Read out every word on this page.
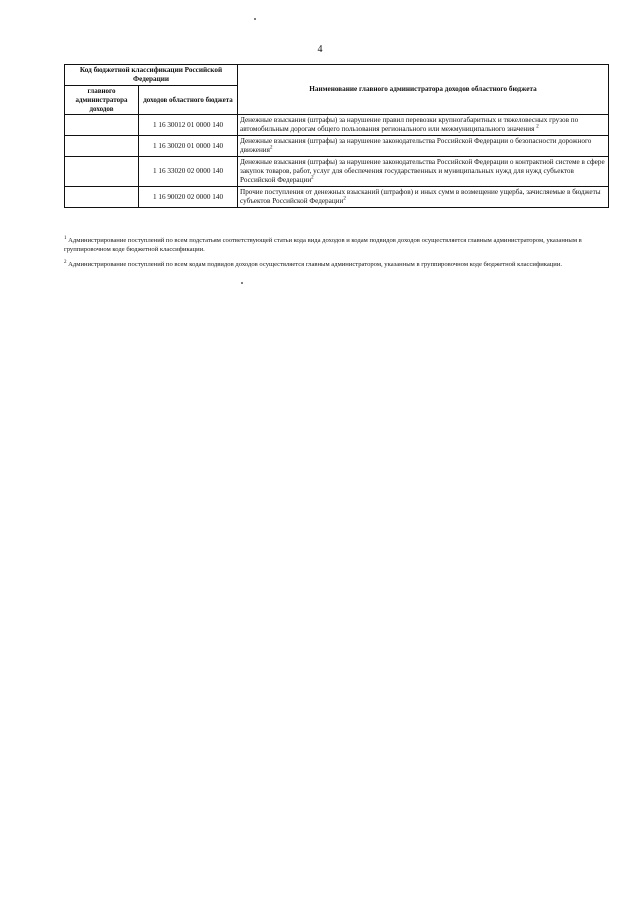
4
Код бюджетной классификации Российской Федерации		Наименование главного администратора доходов областного бюджета
главного администратора доходов	доходов областного бюджета	
	1 16 30012 01 0000 140	Денежные взыскания (штрафы) за нарушение правил перевозки крупногабаритных и тяжеловесных грузов по автомобильным дорогам общего пользования регионального или межмуниципального значения $^2$
	1 16 30020 01 0000 140	Денежные взыскания (штрафы) за нарушение законодательства Российской Федерации о безопасности дорожного движения$^2$
	1 16 33020 02 0000 140	Денежные взыскания (штрафы) за нарушение законодательства Российской Федерации о контрактной системе в сфере закупок товаров, работ, услуг для обеспечения государственных и муниципальных нужд для нужд субъектов Российской Федерации$^2$
	1 16 90020 02 0000 140	Прочие поступления от денежных взысканий (штрафов) и иных сумм в возмещение ущерба, зачисляемые в бюджеты субъектов Российской Федерации$^2$

$^1$ Администрирование поступлений по всем подстатьям соответствующей статьи кода вида доходов и кодам подвидов доходов осуществляется главным администратором, указанным в группировочном коде бюджетной классификации.

$^2$ Администрирование поступлений по всем кодам подвидов доходов осуществляется главным администратором, указанным в группировочном коде бюджетной классификации.
